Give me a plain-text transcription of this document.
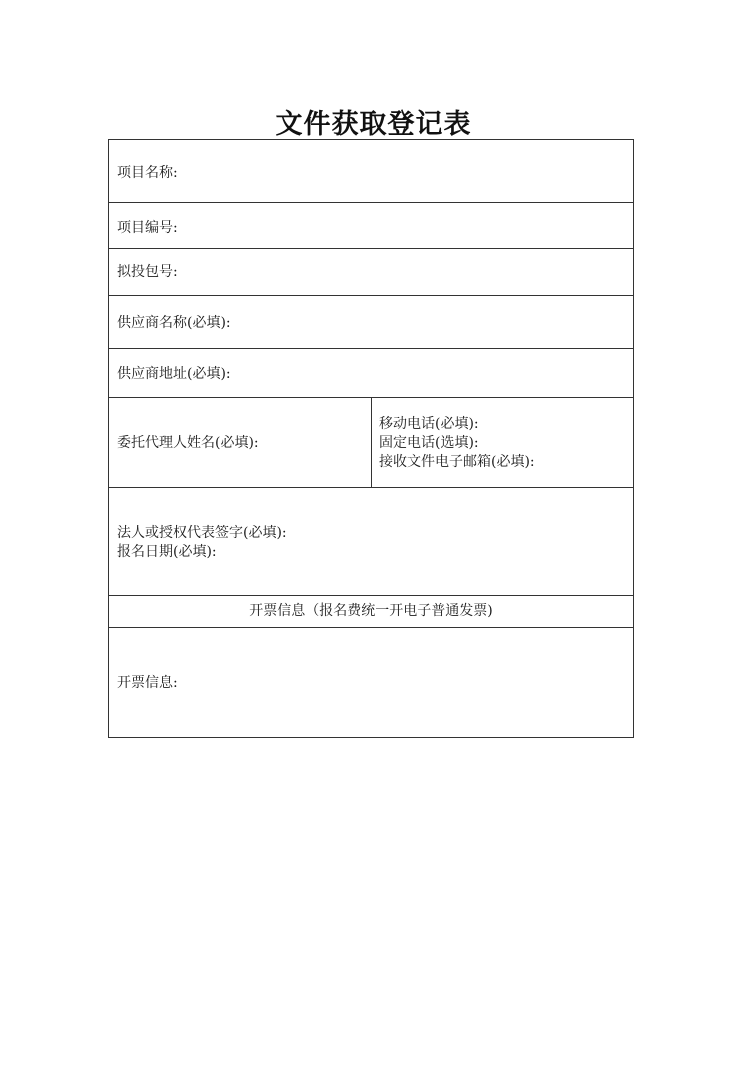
文件获取登记表
项目名称:
项目编号:
拟投包号:
供应商名称(必填):
供应商地址(必填):
委托代理人姓名(必填):
移动电话(必填):
固定电话(选填):
接收文件电子邮箱(必填):
法人或授权代表签字(必填):
报名日期(必填):
开票信息（报名费统一开电子普通发票)
开票信息:
